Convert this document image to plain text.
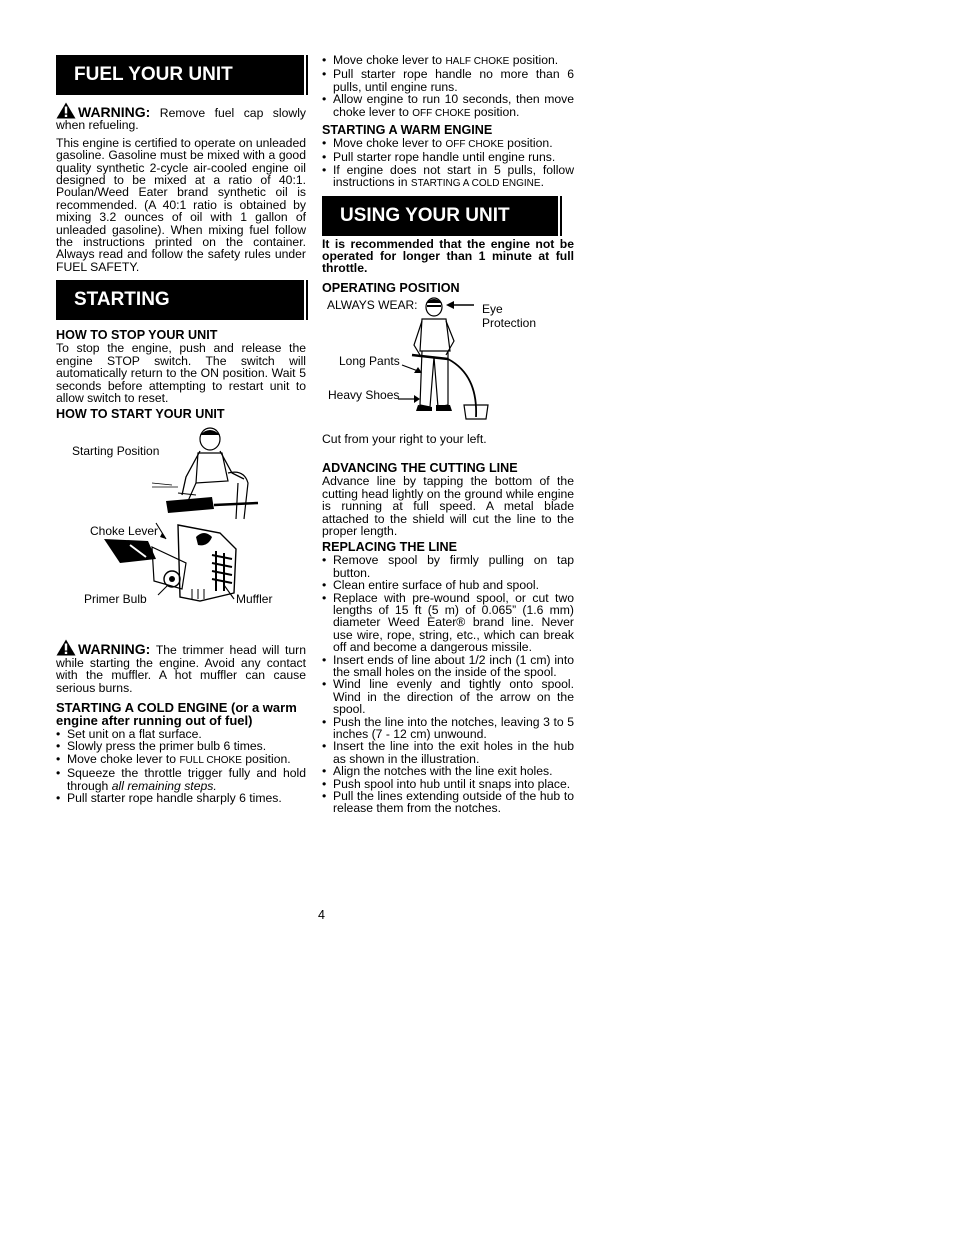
FUEL YOUR UNIT

WARNING: Remove fuel cap slowly when refueling.

This engine is certified to operate on unleaded gasoline. Gasoline must be mixed with a good quality synthetic 2‑cycle air‑cooled engine oil designed to be mixed at a ratio of 40:1. Poulan/Weed Eater brand synthetic oil is recommended. (A 40:1 ratio is obtained by mixing 3.2 ounces of oil with 1 gallon of unleaded gasoline). When mixing fuel follow the instructions printed on the container. Always read and follow the safety rules under FUEL SAFETY.

STARTING

HOW TO STOP YOUR UNIT

To stop the engine, push and release the engine STOP switch. The switch will automatically return to the ON position. Wait 5 seconds before attempting to restart unit to allow switch to reset.

HOW TO START YOUR UNIT

Starting Position
Choke Lever
Primer Bulb	Muffler

WARNING: The trimmer head will turn while starting the engine. Avoid any contact with the muffler. A hot muffler can cause serious burns.

STARTING A COLD ENGINE (or a warm engine after running out of fuel)

• Set unit on a flat surface.
• Slowly press the primer bulb 6 times.
• Move choke lever to FULL CHOKE position.
• Squeeze the throttle trigger fully and hold through all remaining steps.
• Pull starter rope handle sharply 6 times.
• Move choke lever to HALF CHOKE position.
• Pull starter rope handle no more than 6 pulls, until engine runs.
• Allow engine to run 10 seconds, then move choke lever to OFF CHOKE position.

STARTING A WARM ENGINE

• Move choke lever to OFF CHOKE position.
• Pull starter rope handle until engine runs.
• If engine does not start in 5 pulls, follow instructions in STARTING A COLD ENGINE.
USING YOUR UNIT

It is recommended that the engine not be operated for longer than 1 minute at full throttle.

OPERATING POSITION

ALWAYS WEAR:	Eye Protection
Long Pants
Heavy Shoes

Cut from your right to your left.

ADVANCING THE CUTTING LINE

Advance line by tapping the bottom of the cutting head lightly on the ground while engine is running at full speed. A metal blade attached to the shield will cut the line to the proper length.

REPLACING THE LINE

• Remove spool by firmly pulling on tap button.
• Clean entire surface of hub and spool.
• Replace with pre‑wound spool, or cut two lengths of 15 ft (5 m) of 0.065” (1.6 mm) diameter Weed Eater® brand line. Never use wire, rope, string, etc., which can break off and become a dangerous missile.
• Insert ends of line about 1/2 inch (1 cm) into the small holes on the inside of the spool.
• Wind line evenly and tightly onto spool. Wind in the direction of the arrow on the spool.
• Push the line into the notches, leaving 3 to 5 inches (7 ‑ 12 cm) unwound.
• Insert the line into the exit holes in the hub as shown in the illustration.
• Align the notches with the line exit holes.
• Push spool into hub until it snaps into place.
• Pull the lines extending outside of the hub to release them from the notches.
4
